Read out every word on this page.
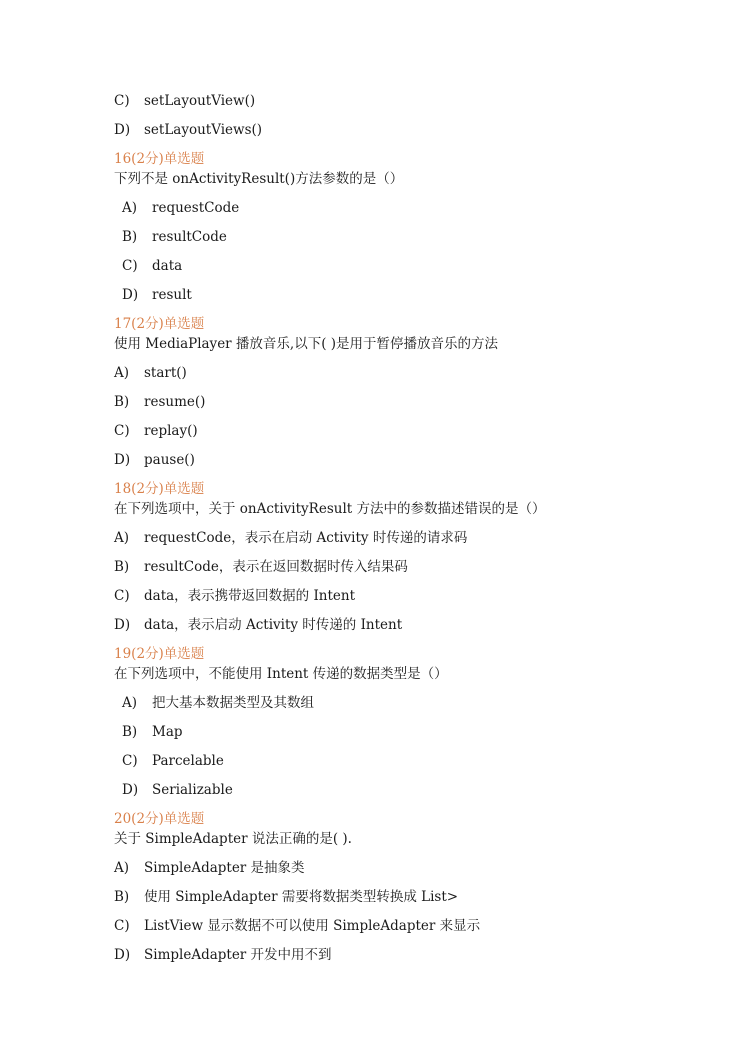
C) setLayoutView()
D) setLayoutViews()
16(2分)单选题
下列不是 onActivityResult()方法参数的是（）
A) requestCode
B) resultCode
C) data
D) result
17(2分)单选题
使用 MediaPlayer 播放音乐,以下( )是用于暂停播放音乐的方法
A) start()
B) resume()
C) replay()
D) pause()
18(2分)单选题
在下列选项中，关于 onActivityResult 方法中的参数描述错误的是（）
A) requestCode，表示在启动 Activity 时传递的请求码
B) resultCode，表示在返回数据时传入结果码
C) data，表示携带返回数据的 Intent
D) data，表示启动 Activity 时传递的 Intent
19(2分)单选题
在下列选项中，不能使用 Intent 传递的数据类型是（）
A) 把大基本数据类型及其数组
B) Map
C) Parcelable
D) Serializable
20(2分)单选题
关于 SimpleAdapter 说法正确的是( ).
A) SimpleAdapter 是抽象类
B) 使用 SimpleAdapter 需要将数据类型转换成 List>
C) ListView 显示数据不可以使用 SimpleAdapter 来显示
D) SimpleAdapter 开发中用不到
